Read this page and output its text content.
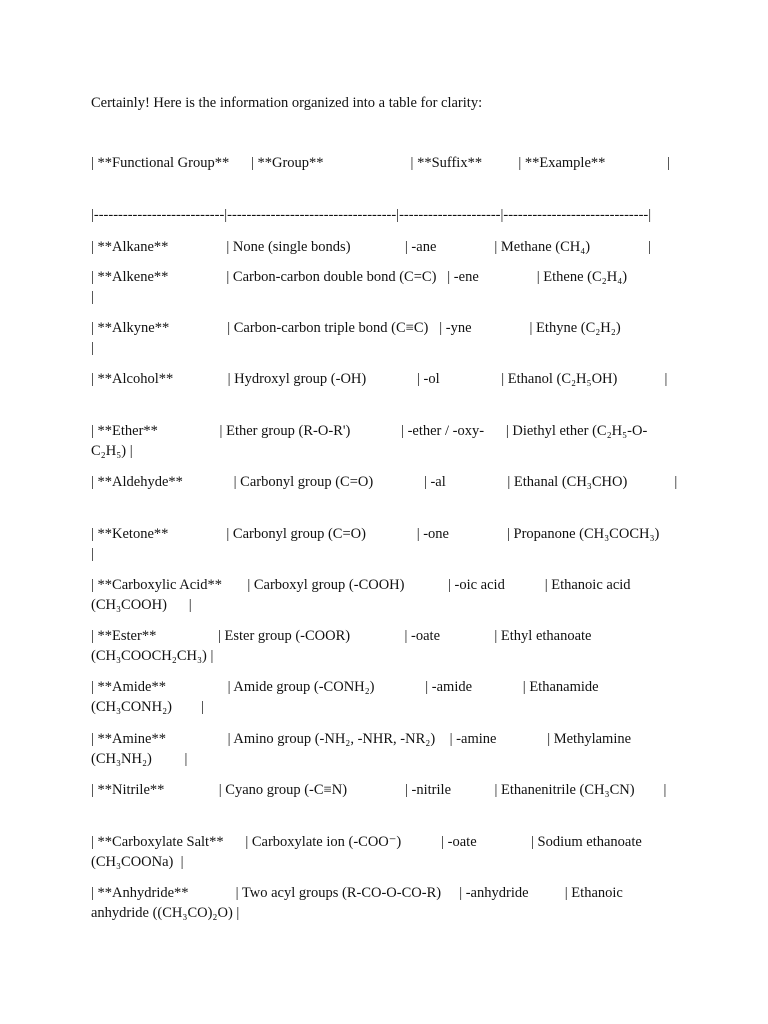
Certainly! Here is the information organized into a table for clarity:

| **Functional Group**      | **Group**                        | **Suffix**          | **Example**                 |

|---------------------------|-----------------------------------|---------------------|------------------------------|

| **Alkane**                | None (single bonds)               | -ane                | Methane (CH₄)                |

| **Alkene**                | Carbon-carbon double bond (C=C)   | -ene                | Ethene (C₂H₄)                |

| **Alkyne**                | Carbon-carbon triple bond (C≡C)   | -yne                | Ethyne (C₂H₂)                |

| **Alcohol**               | Hydroxyl group (-OH)              | -ol                 | Ethanol (C₂H₅OH)             |

| **Ether**                 | Ether group (R-O-R')              | -ether / -oxy-      | Diethyl ether (C₂H₅-O-C₂H₅) |

| **Aldehyde**              | Carbonyl group (C=O)              | -al                 | Ethanal (CH₃CHO)             |

| **Ketone**                | Carbonyl group (C=O)              | -one                | Propanone (CH₃COCH₃)         |

| **Carboxylic Acid**       | Carboxyl group (-COOH)            | -oic acid           | Ethanoic acid (CH₃COOH)      |

| **Ester**                 | Ester group (-COOR)               | -oate               | Ethyl ethanoate (CH₃COOCH₂CH₃) |

| **Amide**                 | Amide group (-CONH₂)              | -amide              | Ethanamide (CH₃CONH₂)        |

| **Amine**                 | Amino group (-NH₂, -NHR, -NR₂)    | -amine              | Methylamine (CH₃NH₂)         |

| **Nitrile**               | Cyano group (-C≡N)                | -nitrile            | Ethanenitrile (CH₃CN)        |

| **Carboxylate Salt**      | Carboxylate ion (-COO⁻)           | -oate               | Sodium ethanoate (CH₃COONa)  |

| **Anhydride**             | Two acyl groups (R-CO-O-CO-R)     | -anhydride          | Ethanoic anhydride ((CH₃CO)₂O) |
